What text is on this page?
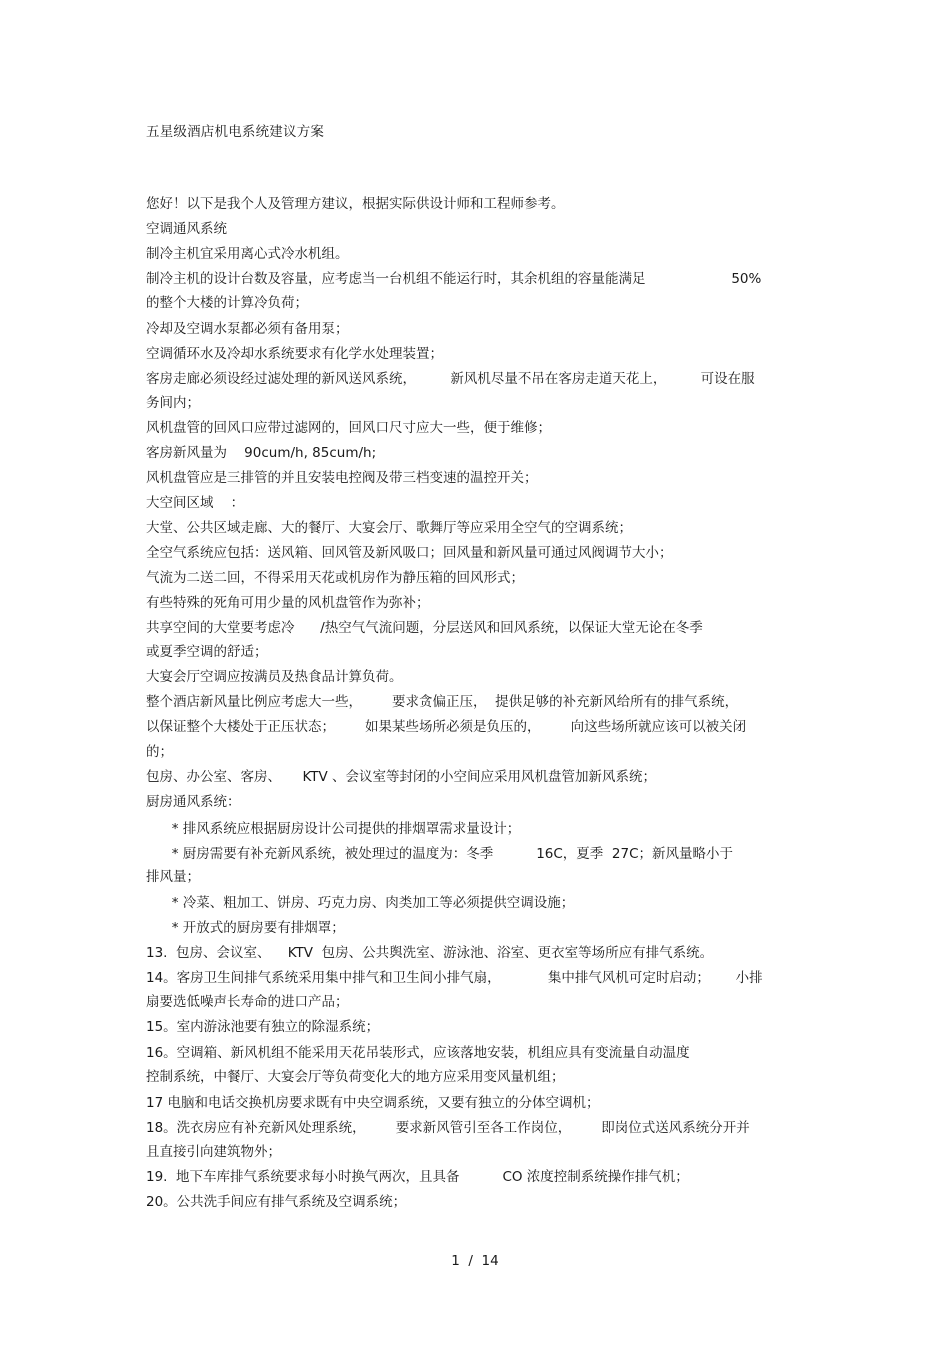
五星级酒店机电系统建议方案
您好！以下是我个人及管理方建议，根据实际供设计师和工程师参考。
空调通风系统
制冷主机宜采用离心式冷水机组。
制冷主机的设计台数及容量，应考虑当一台机组不能运行时，其余机组的容量能满足                    50%
的整个大楼的计算冷负荷；
冷却及空调水泵都必须有备用泵；
空调循环水及冷却水系统要求有化学水处理装置；
客房走廊必须设经过滤处理的新风送风系统，        新风机尽量不吊在客房走道天花上，        可设在服
务间内；
风机盘管的回风口应带过滤网的，回风口尺寸应大一些，便于维修；
客房新风量为    90cum/h, 85cum/h;
风机盘管应是三排管的并且安装电控阀及带三档变速的温控开关；
大空间区域    ：
大堂、公共区域走廊、大的餐厅、大宴会厅、歌舞厅等应采用全空气的空调系统；
全空气系统应包括：送风箱、回风管及新风吸口；回风量和新风量可通过风阀调节大小；
气流为二送二回，不得采用天花或机房作为静压箱的回风形式；
有些特殊的死角可用少量的风机盘管作为弥补；
共享空间的大堂要考虑冷      /热空气气流问题，分层送风和回风系统，以保证大堂无论在冬季
或夏季空调的舒适；
大宴会厅空调应按满员及热食品计算负荷。
整个酒店新风量比例应考虑大一些，       要求贪偏正压，  提供足够的补充新风给所有的排气系统，
以保证整个大楼处于正压状态；       如果某些场所必须是负压的，       向这些场所就应该可以被关闭
的；
包房、办公室、客房、     KTV 、会议室等封闭的小空间应采用风机盘管加新风系统；
厨房通风系统：
* 排风系统应根据厨房设计公司提供的排烟罩需求量设计；
* 厨房需要有补充新风系统，被处理过的温度为：冬季          16C，夏季  27C；新风量略小于
排风量；
* 冷菜、粗加工、饼房、巧克力房、肉类加工等必须提供空调设施；
* 开放式的厨房要有排烟罩；
13.  包房、会议室、    KTV  包房、公共舆洗室、游泳池、浴室、更衣室等场所应有排气系统。
14。客房卫生间排气系统采用集中排气和卫生间小排气扇，           集中排气风机可定时启动；      小排
扇要选低噪声长寿命的进口产品；
15。室内游泳池要有独立的除湿系统；
16。空调箱、新风机组不能采用天花吊装形式，应该落地安装，机组应具有变流量自动温度
控制系统，中餐厅、大宴会厅等负荷变化大的地方应采用变风量机组；
17 电脑和电话交换机房要求既有中央空调系统，又要有独立的分体空调机；
18。洗衣房应有补充新风处理系统，       要求新风管引至各工作岗位，       即岗位式送风系统分开并
且直接引向建筑物外；
19.  地下车库排气系统要求每小时换气两次，且具备          CO 浓度控制系统操作排气机；
20。公共洗手间应有排气系统及空调系统；
1  /  14
